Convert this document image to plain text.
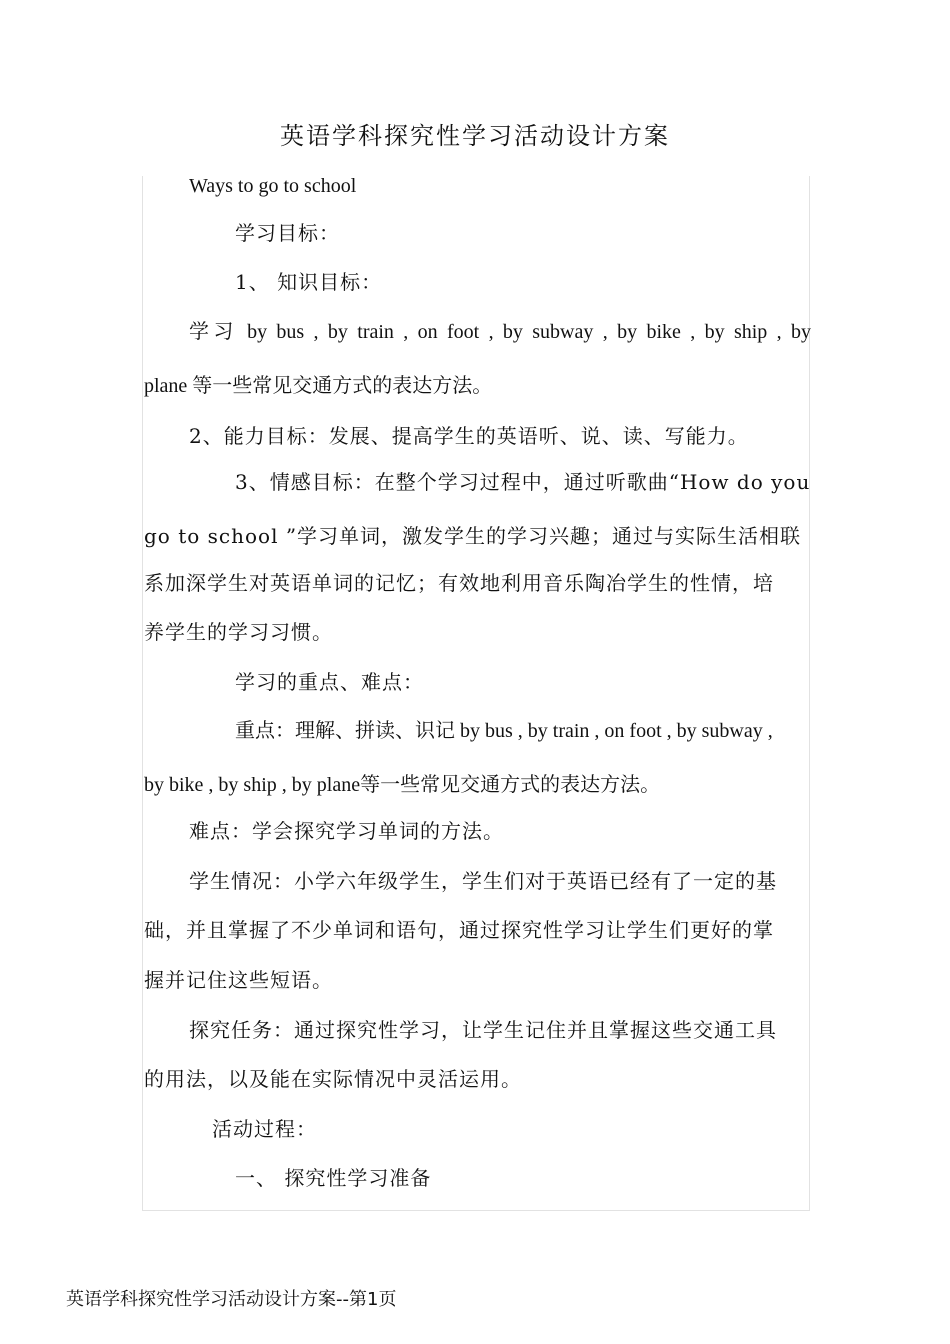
英语学科探究性学习活动设计方案
Ways to go to school
学习目标：
1、 知识目标：
学习 by bus , by train , on foot , by subway , by bike , by ship , by
plane 等一些常见交通方式的表达方法。
2、能力目标：发展、提高学生的英语听、说、读、写能力。
3、情感目标：在整个学习过程中，通过听歌曲“How do you
go to school ”学习单词，激发学生的学习兴趣；通过与实际生活相联
系加深学生对英语单词的记忆；有效地利用音乐陶冶学生的性情，培
养学生的学习习惯。
学习的重点、难点：
重点：理解、拼读、识记 by bus , by train , on foot , by subway ,
by bike , by ship , by plane等一些常见交通方式的表达方法。
难点：学会探究学习单词的方法。
学生情况：小学六年级学生，学生们对于英语已经有了一定的基
础，并且掌握了不少单词和语句，通过探究性学习让学生们更好的掌
握并记住这些短语。
探究任务：通过探究性学习，让学生记住并且掌握这些交通工具
的用法，以及能在实际情况中灵活运用。
活动过程：
一、 探究性学习准备
英语学科探究性学习活动设计方案--第1页
